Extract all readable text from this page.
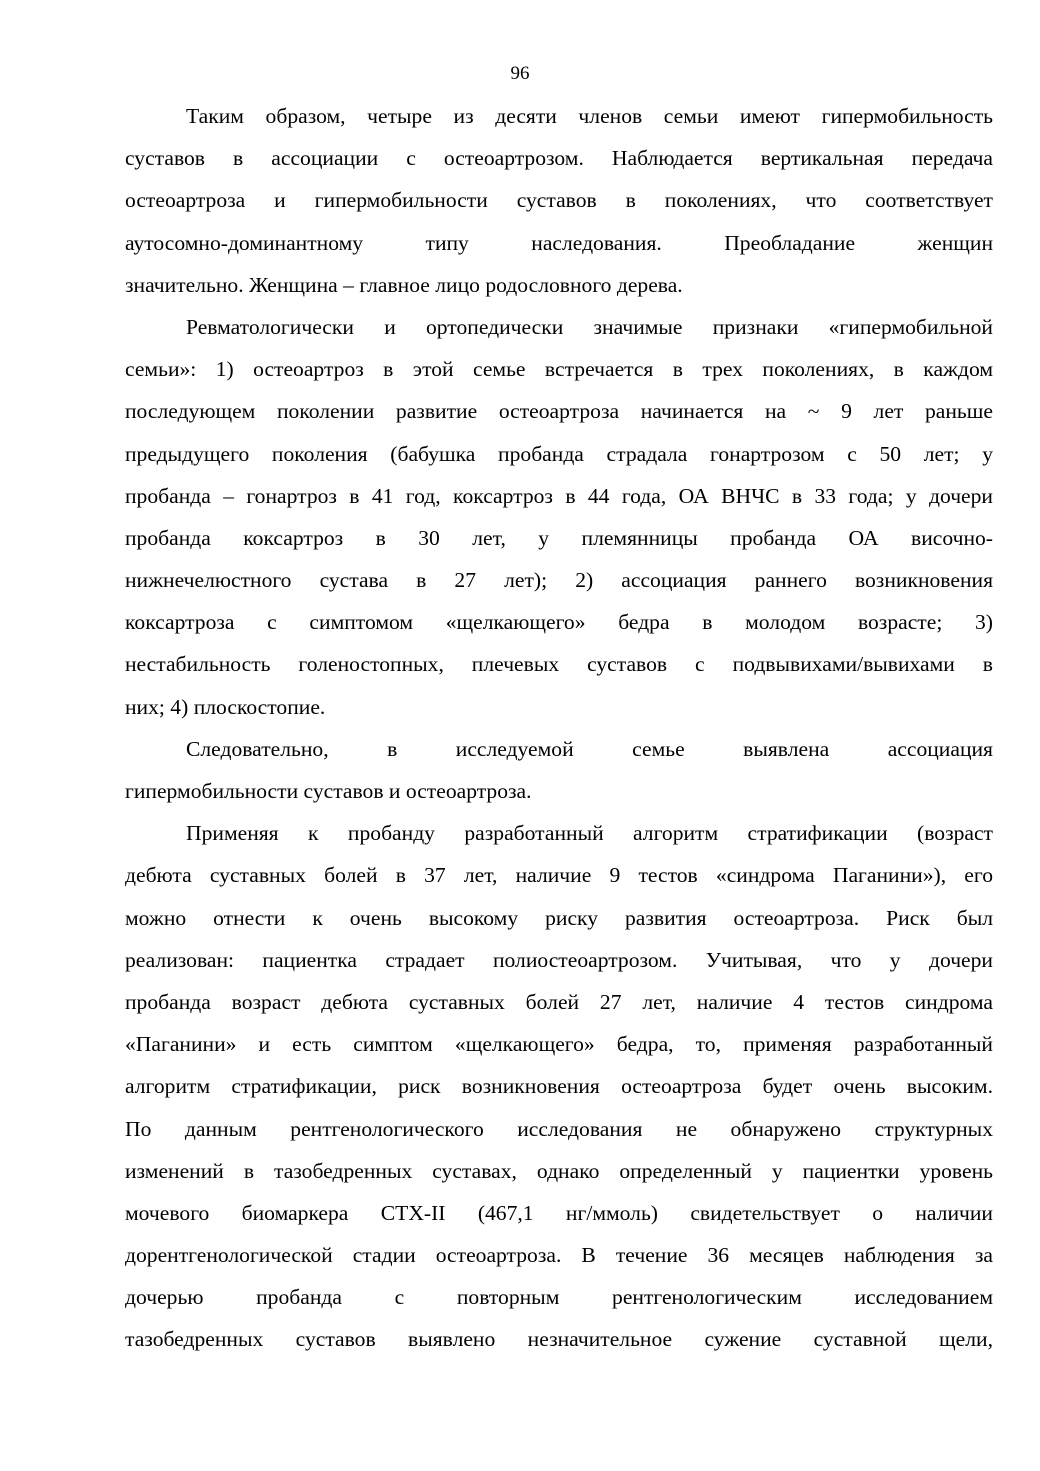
96
Таким образом, четыре из десяти членов семьи имеют гипермобильность
суставов в ассоциации с остеоартрозом. Наблюдается вертикальная передача
остеоартроза и гипермобильности суставов в поколениях, что соответствует
аутосомно-доминантному типу наследования. Преобладание женщин
значительно. Женщина – главное лицо родословного дерева.
Ревматологически и ортопедически значимые признаки «гипермобильной
семьи»: 1) остеоартроз в этой семье встречается в трех поколениях, в каждом
последующем поколении развитие остеоартроза начинается на ~ 9 лет раньше
предыдущего поколения (бабушка пробанда страдала гонартрозом с 50 лет; у
пробанда – гонартроз в 41 год, коксартроз в 44 года, ОА ВНЧС в 33 года; у дочери
пробанда коксартроз в 30 лет, у племянницы пробанда ОА височно-
нижнечелюстного сустава в 27 лет); 2) ассоциация раннего возникновения
коксартроза с симптомом «щелкающего» бедра в молодом возрасте; 3)
нестабильность голеностопных, плечевых суставов с подвывихами/вывихами в
них; 4) плоскостопие.
Следовательно, в исследуемой семье выявлена ассоциация
гипермобильности суставов и остеоартроза.
Применяя к пробанду разработанный алгоритм стратификации (возраст
дебюта суставных болей в 37 лет, наличие 9 тестов «синдрома Паганини»), его
можно отнести к очень высокому риску развития остеоартроза. Риск был
реализован: пациентка страдает полиостеоартрозом. Учитывая, что у дочери
пробанда возраст дебюта суставных болей 27 лет, наличие 4 тестов синдрома
«Паганини» и есть симптом «щелкающего» бедра, то, применяя разработанный
алгоритм стратификации, риск возникновения остеоартроза будет очень высоким.
По данным рентгенологического исследования не обнаружено структурных
изменений в тазобедренных суставах, однако определенный у пациентки уровень
мочевого биомаркера CTX-II (467,1 нг/ммоль) свидетельствует о наличии
дорентгенологической стадии остеоартроза. В течение 36 месяцев наблюдения за
дочерью пробанда с повторным рентгенологическим исследованием
тазобедренных суставов выявлено незначительное сужение суставной щели,
